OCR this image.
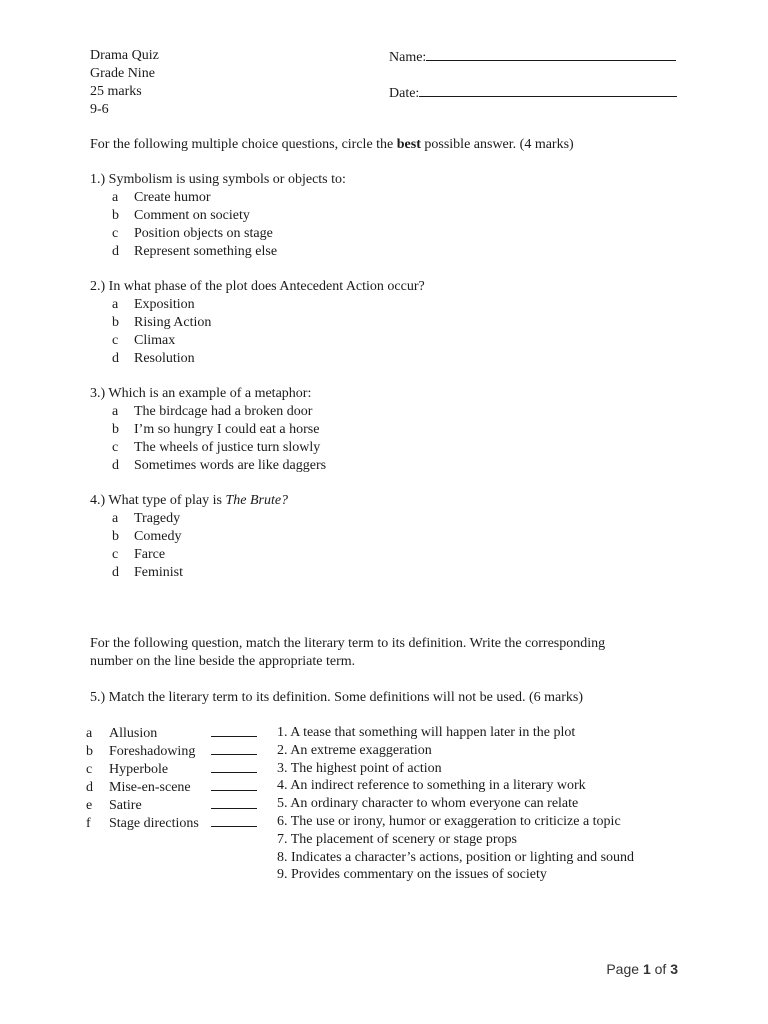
Drama Quiz
Grade Nine
25 marks
9-6
Name:
Date:
For the following multiple choice questions, circle the best possible answer. (4 marks)
1.) Symbolism is using symbols or objects to:
a Create humor
b Comment on society
c Position objects on stage
d Represent something else
2.) In what phase of the plot does Antecedent Action occur?
a Exposition
b Rising Action
c Climax
d Resolution
3.) Which is an example of a metaphor:
a The birdcage had a broken door
b I’m so hungry I could eat a horse
c The wheels of justice turn slowly
d Sometimes words are like daggers
4.) What type of play is The Brute?
a Tragedy
b Comedy
c Farce
d Feminist
For the following question, match the literary term to its definition. Write the corresponding
number on the line beside the appropriate term.
5.) Match the literary term to its definition. Some definitions will not be used. (6 marks)
a Allusion
b Foreshadowing
c Hyperbole
d Mise-en-scene
e Satire
f Stage directions
1. A tease that something will happen later in the plot
2. An extreme exaggeration
3. The highest point of action
4. An indirect reference to something in a literary work
5. An ordinary character to whom everyone can relate
6. The use or irony, humor or exaggeration to criticize a topic
7. The placement of scenery or stage props
8. Indicates a character’s actions, position or lighting and sound
9. Provides commentary on the issues of society
Page 1 of 3
